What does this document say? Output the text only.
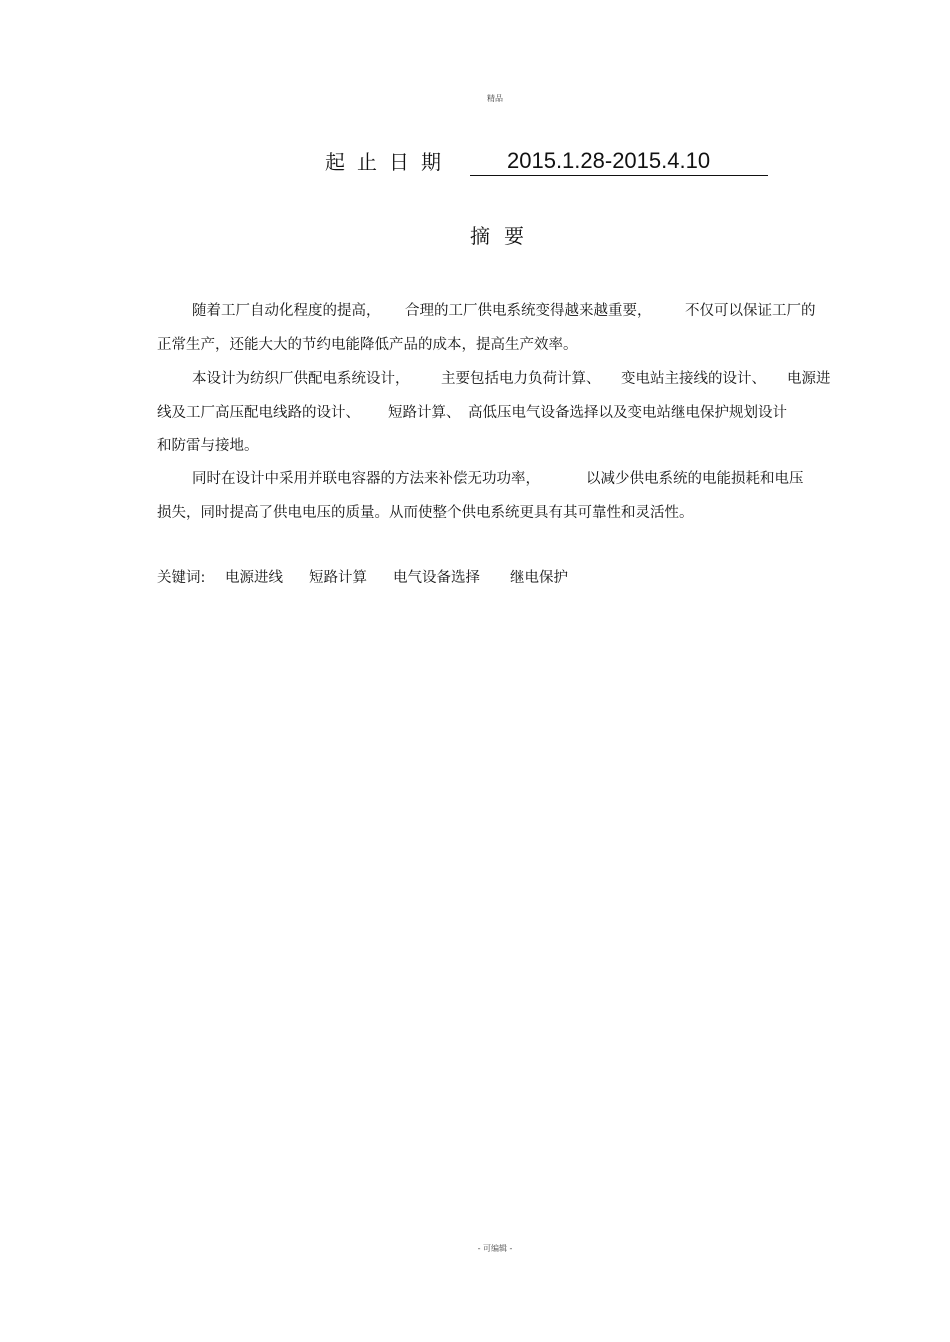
精品
起止日期	2015.1.28-2015.4.10
摘要
随着工厂自动化程度的提高， 合理的工厂供电系统变得越来越重要， 不仅可以保证工厂的
正常生产，还能大大的节约电能降低产品的成本，提高生产效率。
本设计为纺织厂供配电系统设计， 主要包括电力负荷计算、 变电站主接线的设计、 电源进
线及工厂高压配电线路的设计、 短路计算、 高低压电气设备选择以及变电站继电保护规划设计
和防雷与接地。
同时在设计中采用并联电容器的方法来补偿无功功率，	以减少供电系统的电能损耗和电压
损失，同时提高了供电电压的质量。从而使整个供电系统更具有其可靠性和灵活性。
关键词: 电源进线 短路计算 电气设备选择 继电保护
- 可编辑 -
